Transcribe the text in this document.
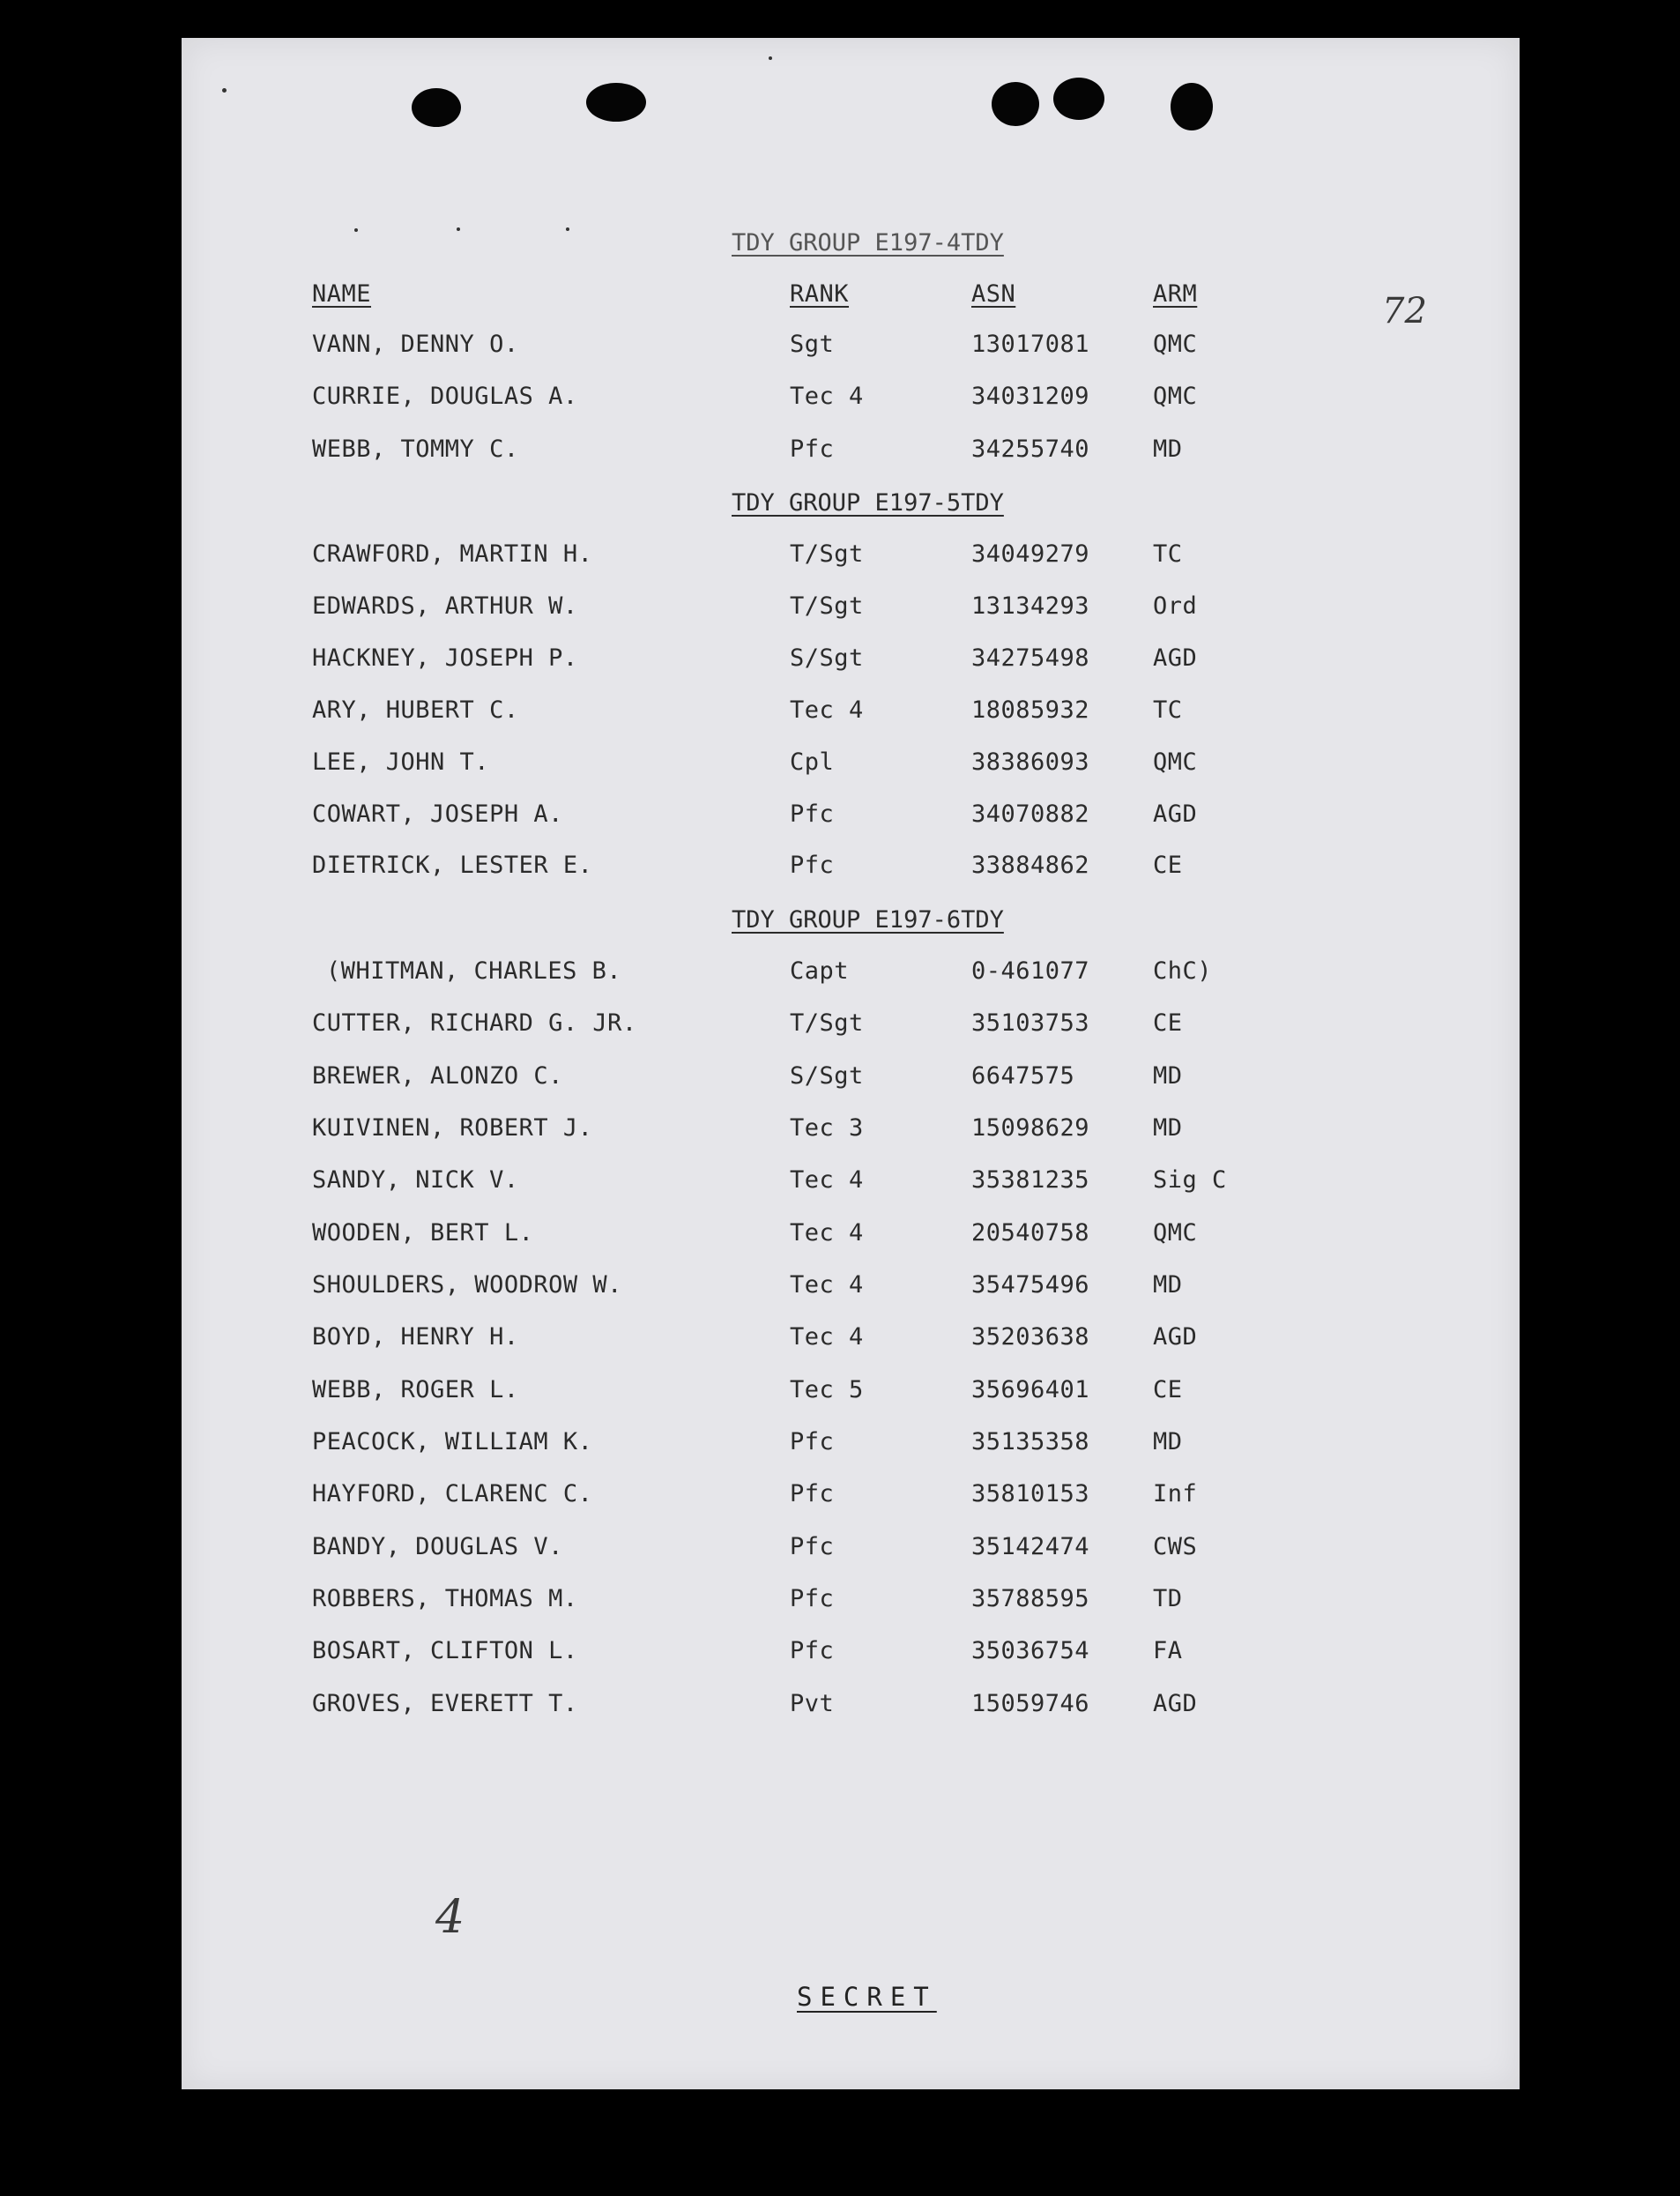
NAME	RANK	ASN	ARM	72
TDY GROUP E197-4TDY
VANN, DENNY O.	Sgt	13017081	QMC
CURRIE, DOUGLAS A.	Tec 4	34031209	QMC
WEBB, TOMMY C.	Pfc	34255740	MD
TDY GROUP E197-5TDY
CRAWFORD, MARTIN H.	T/Sgt	34049279	TC
EDWARDS, ARTHUR W.	T/Sgt	13134293	Ord
HACKNEY, JOSEPH P.	S/Sgt	34275498	AGD
ARY, HUBERT C.	Tec 4	18085932	TC
LEE, JOHN T.	Cpl	38386093	QMC
COWART, JOSEPH A.	Pfc	34070882	AGD
DIETRICK, LESTER E.	Pfc	33884862	CE
TDY GROUP E197-6TDY
(WHITMAN, CHARLES B.	Capt	0-461077	ChC)
CUTTER, RICHARD G. JR.	T/Sgt	35103753	CE
BREWER, ALONZO C.	S/Sgt	6647575	MD
KUIVINEN, ROBERT J.	Tec 3	15098629	MD
SANDY, NICK V.	Tec 4	35381235	Sig C
WOODEN, BERT L.	Tec 4	20540758	QMC
SHOULDERS, WOODROW W.	Tec 4	35475496	MD
BOYD, HENRY H.	Tec 4	35203638	AGD
WEBB, ROGER L.	Tec 5	35696401	CE
PEACOCK, WILLIAM K.	Pfc	35135358	MD
HAYFORD, CLARENC C.	Pfc	35810153	Inf
BANDY, DOUGLAS V.	Pfc	35142474	CWS
ROBBERS, THOMAS M.	Pfc	35788595	TD
BOSART, CLIFTON L.	Pfc	35036754	FA
GROVES, EVERETT T.	Pvt	15059746	AGD
4
SECRET
